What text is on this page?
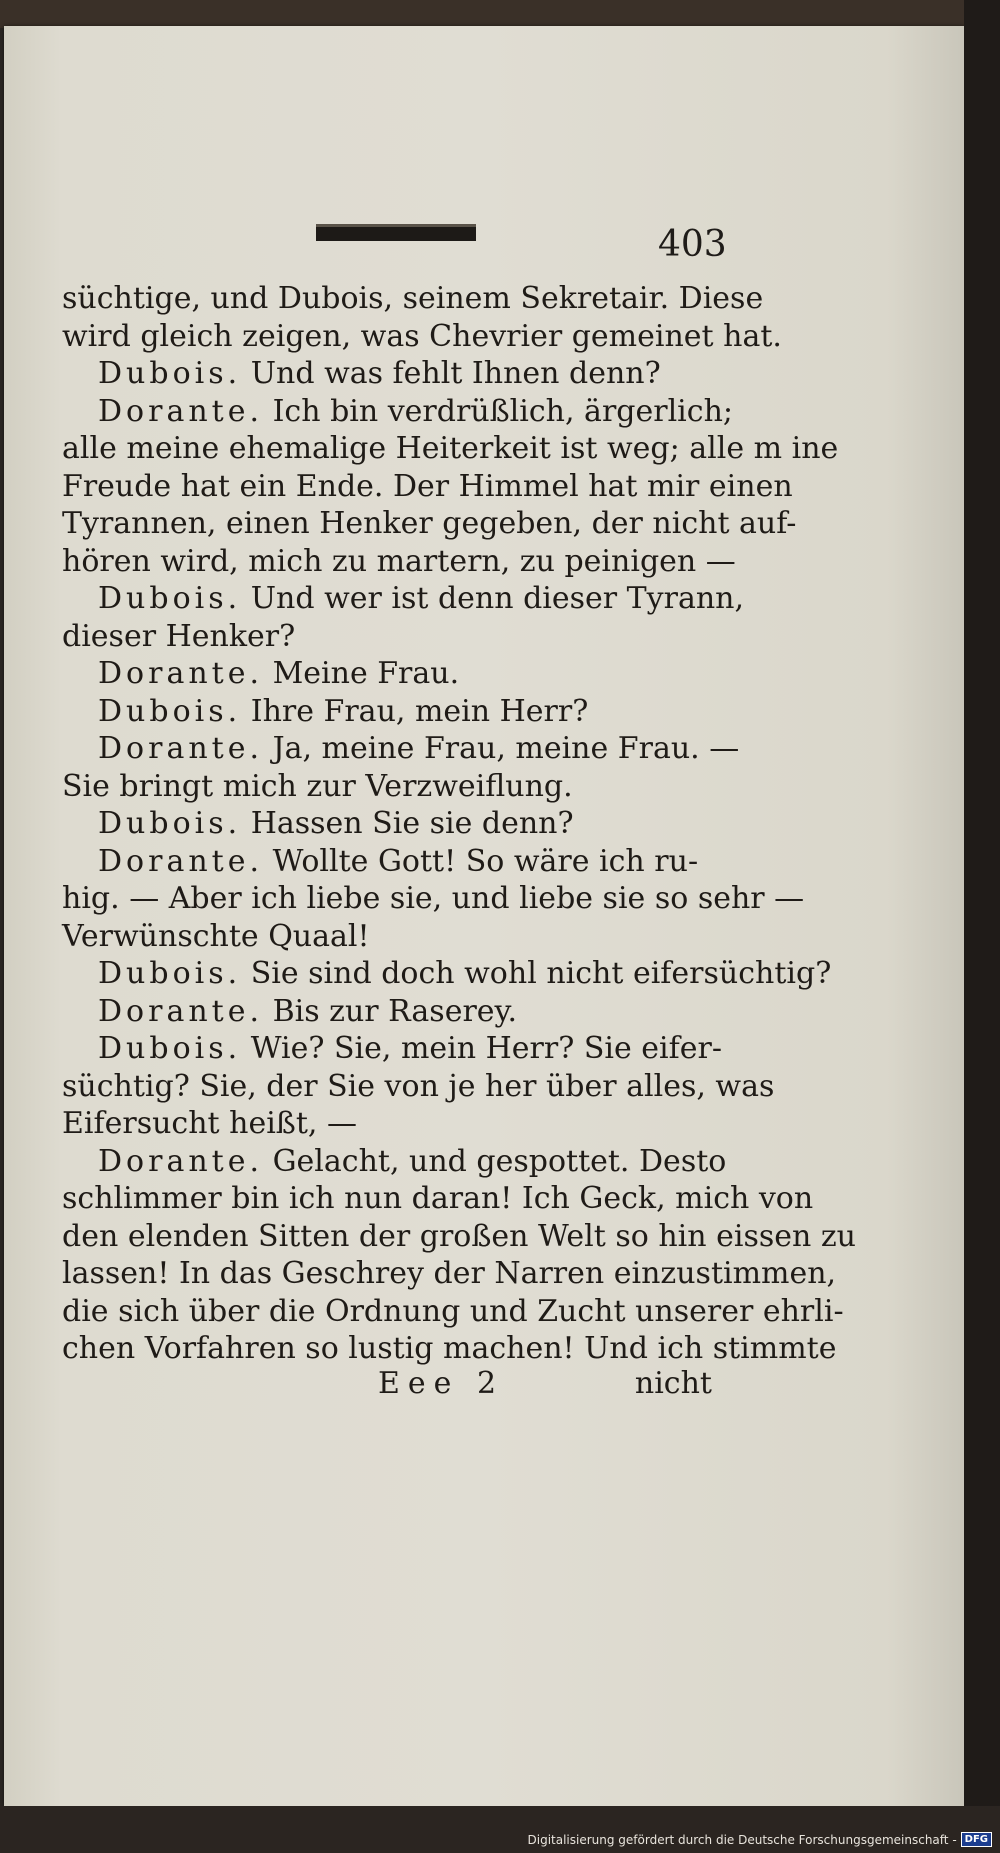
403
süchtige, und Dubois, seinem Sekretair. Diese
wird gleich zeigen, was Chevrier gemeinet hat.
Dubois. Und was fehlt Ihnen denn?
Dorante. Ich bin verdrüßlich, ärgerlich;
alle meine ehemalige Heiterkeit ist weg; alle m ine
Freude hat ein Ende. Der Himmel hat mir einen
Tyrannen, einen Henker gegeben, der nicht auf-
hören wird, mich zu martern, zu peinigen —
Dubois. Und wer ist denn dieser Tyrann,
dieser Henker?
Dorante. Meine Frau.
Dubois. Ihre Frau, mein Herr?
Dorante. Ja, meine Frau, meine Frau. —
Sie bringt mich zur Verzweiflung.
Dubois. Hassen Sie sie denn?
Dorante. Wollte Gott! So wäre ich ru-
hig. — Aber ich liebe sie, und liebe sie so sehr —
Verwünschte Quaal!
Dubois. Sie sind doch wohl nicht eifersüchtig?
Dorante. Bis zur Raserey.
Dubois. Wie? Sie, mein Herr? Sie eifer-
süchtig? Sie, der Sie von je her über alles, was
Eifersucht heißt, —
Dorante. Gelacht, und gespottet. Desto
schlimmer bin ich nun daran! Ich Geck, mich von
den elenden Sitten der großen Welt so hin eissen zu
lassen! In das Geschrey der Narren einzustimmen,
die sich über die Ordnung und Zucht unserer ehrli-
chen Vorfahren so lustig machen! Und ich stimmte
Eee 2	nicht
Digitalisierung gefördert durch die Deutsche Forschungsgemeinschaft - DFG
